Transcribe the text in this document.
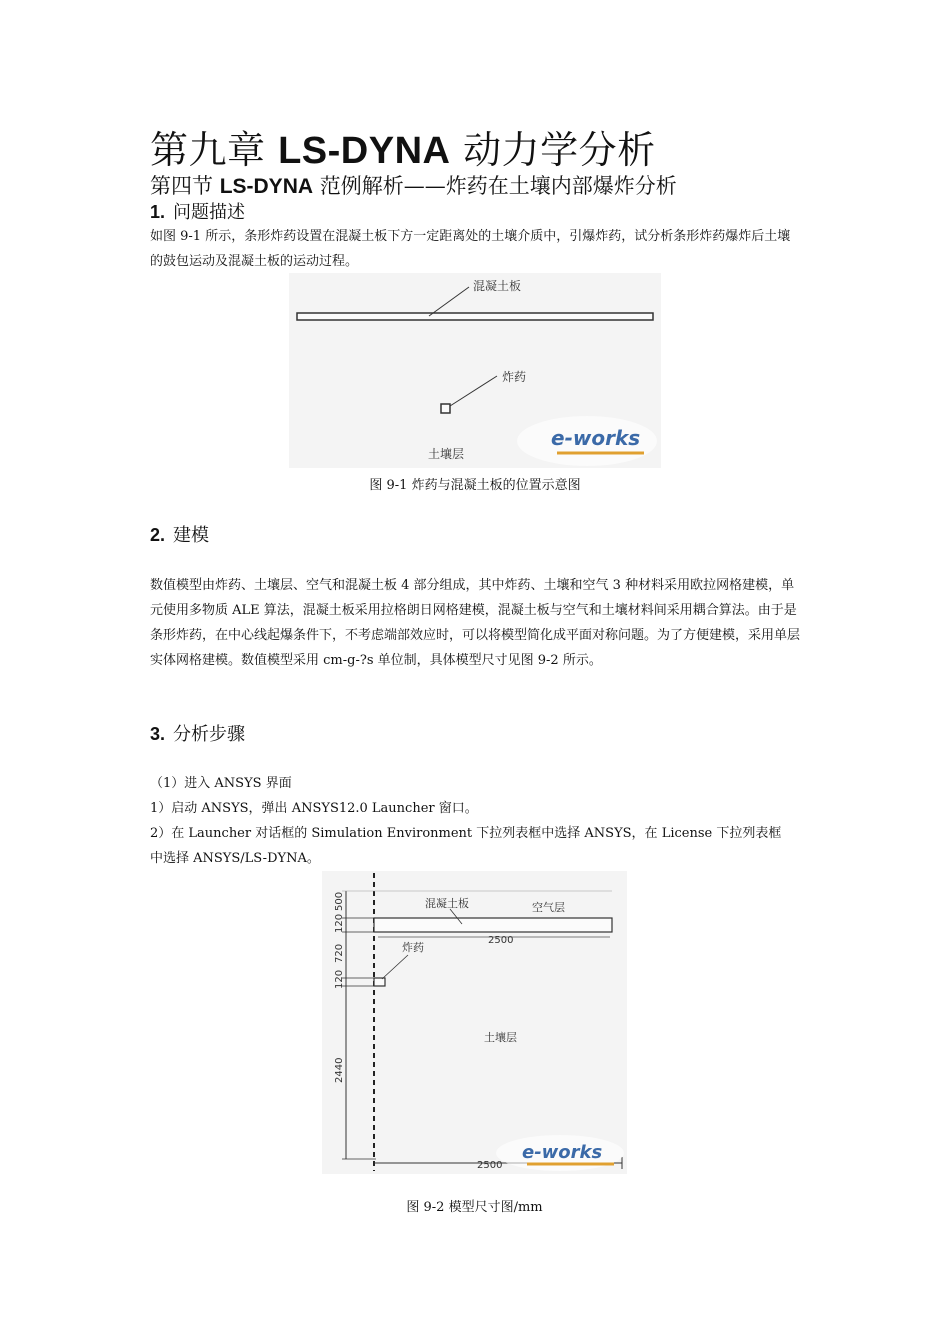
第九章 LS-DYNA 动力学分析
第四节 LS-DYNA 范例解析——炸药在土壤内部爆炸分析
1. 问题描述
如图 9-1 所示，条形炸药设置在混凝土板下方一定距离处的土壤介质中，引爆炸药，试分析条形炸药爆炸后土壤的鼓包运动及混凝土板的运动过程。
混凝土板
炸药
土壤层
e-works
图 9-1 炸药与混凝土板的位置示意图
2. 建模
数值模型由炸药、土壤层、空气和混凝土板 4 部分组成，其中炸药、土壤和空气 3 种材料采用欧拉网格建模，单元使用多物质 ALE 算法，混凝土板采用拉格朗日网格建模，混凝土板与空气和土壤材料间采用耦合算法。由于是条形炸药，在中心线起爆条件下，不考虑端部效应时，可以将模型简化成平面对称问题。为了方便建模，采用单层实体网格建模。数值模型采用 cm-g-?s 单位制，具体模型尺寸见图 9-2 所示。
3. 分析步骤
（1）进入 ANSYS 界面
1）启动 ANSYS，弹出 ANSYS12.0 Launcher 窗口。
2）在 Launcher 对话框的 Simulation Environment 下拉列表框中选择 ANSYS，在 License 下拉列表框
中选择 ANSYS/LS-DYNA。
500
120
720
120
2440
混凝土板	空气层
2500
炸药
土壤层
e-works
2500
图 9-2 模型尺寸图/mm
